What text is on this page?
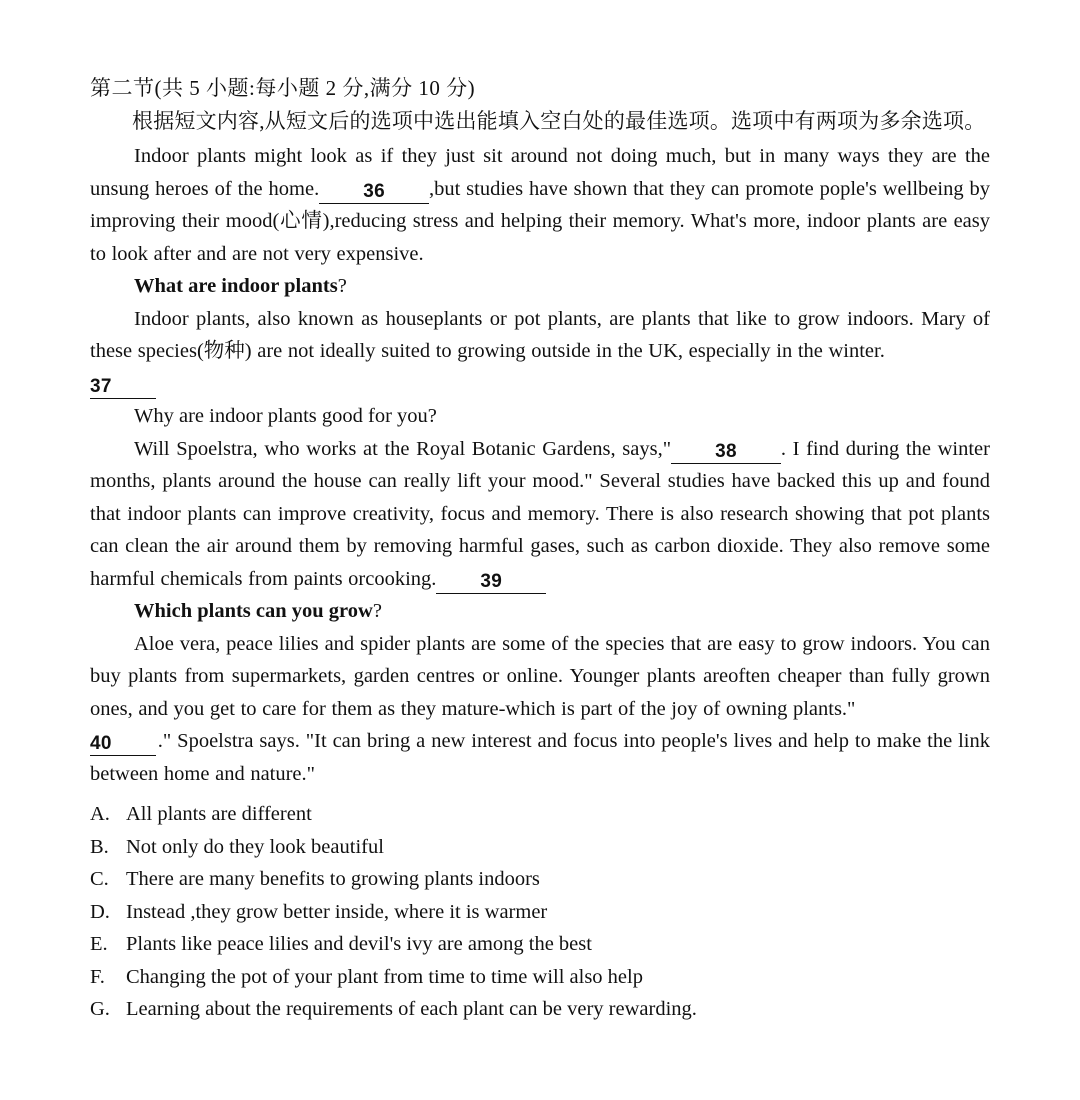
第二节(共 5 小题:每小题 2 分,满分 10 分)
根据短文内容,从短文后的选项中选出能填入空白处的最佳选项。选项中有两项为多余选项。

Indoor plants might look as if they just sit around not doing much, but in many ways they are the unsung heroes of the home. 36 ,but studies have shown that they can promote pople's wellbeing by improving their mood(心情),reducing stress and helping their memory. What's more, indoor plants are easy to look after and are not very expensive.

What are indoor plants?

Indoor plants, also known as houseplants or pot plants, are plants that like to grow indoors. Mary of these species(物种) are not ideally suited to growing outside in the UK, especially in the winter.

37

Why are indoor plants good for you?

Will Spoelstra, who works at the Royal Botanic Gardens, says," 38 . I find during the winter months, plants around the house can really lift your mood." Several studies have backed this up and found that indoor plants can improve creativity, focus and memory. There is also research showing that pot plants can clean the air around them by removing harmful gases, such as carbon dioxide. They also remove some harmful chemicals from paints orcooking. 39

Which plants can you grow?

Aloe vera, peace lilies and spider plants are some of the species that are easy to grow indoors. You can buy plants from supermarkets, garden centres or online. Younger plants areoften cheaper than fully grown ones, and you get to care for them as they mature-which is part of the joy of owning plants."

40 ." Spoelstra says. "It can bring a new interest and focus into people's lives and help to make the link between home and nature."

A. All plants are different
B. Not only do they look beautiful
C. There are many benefits to growing plants indoors
D. Instead ,they grow better inside, where it is warmer
E. Plants like peace lilies and devil's ivy are among the best
F.	Changing the pot of your plant from time to time will also help
G. Learning about the requirements of each plant can be very rewarding.
